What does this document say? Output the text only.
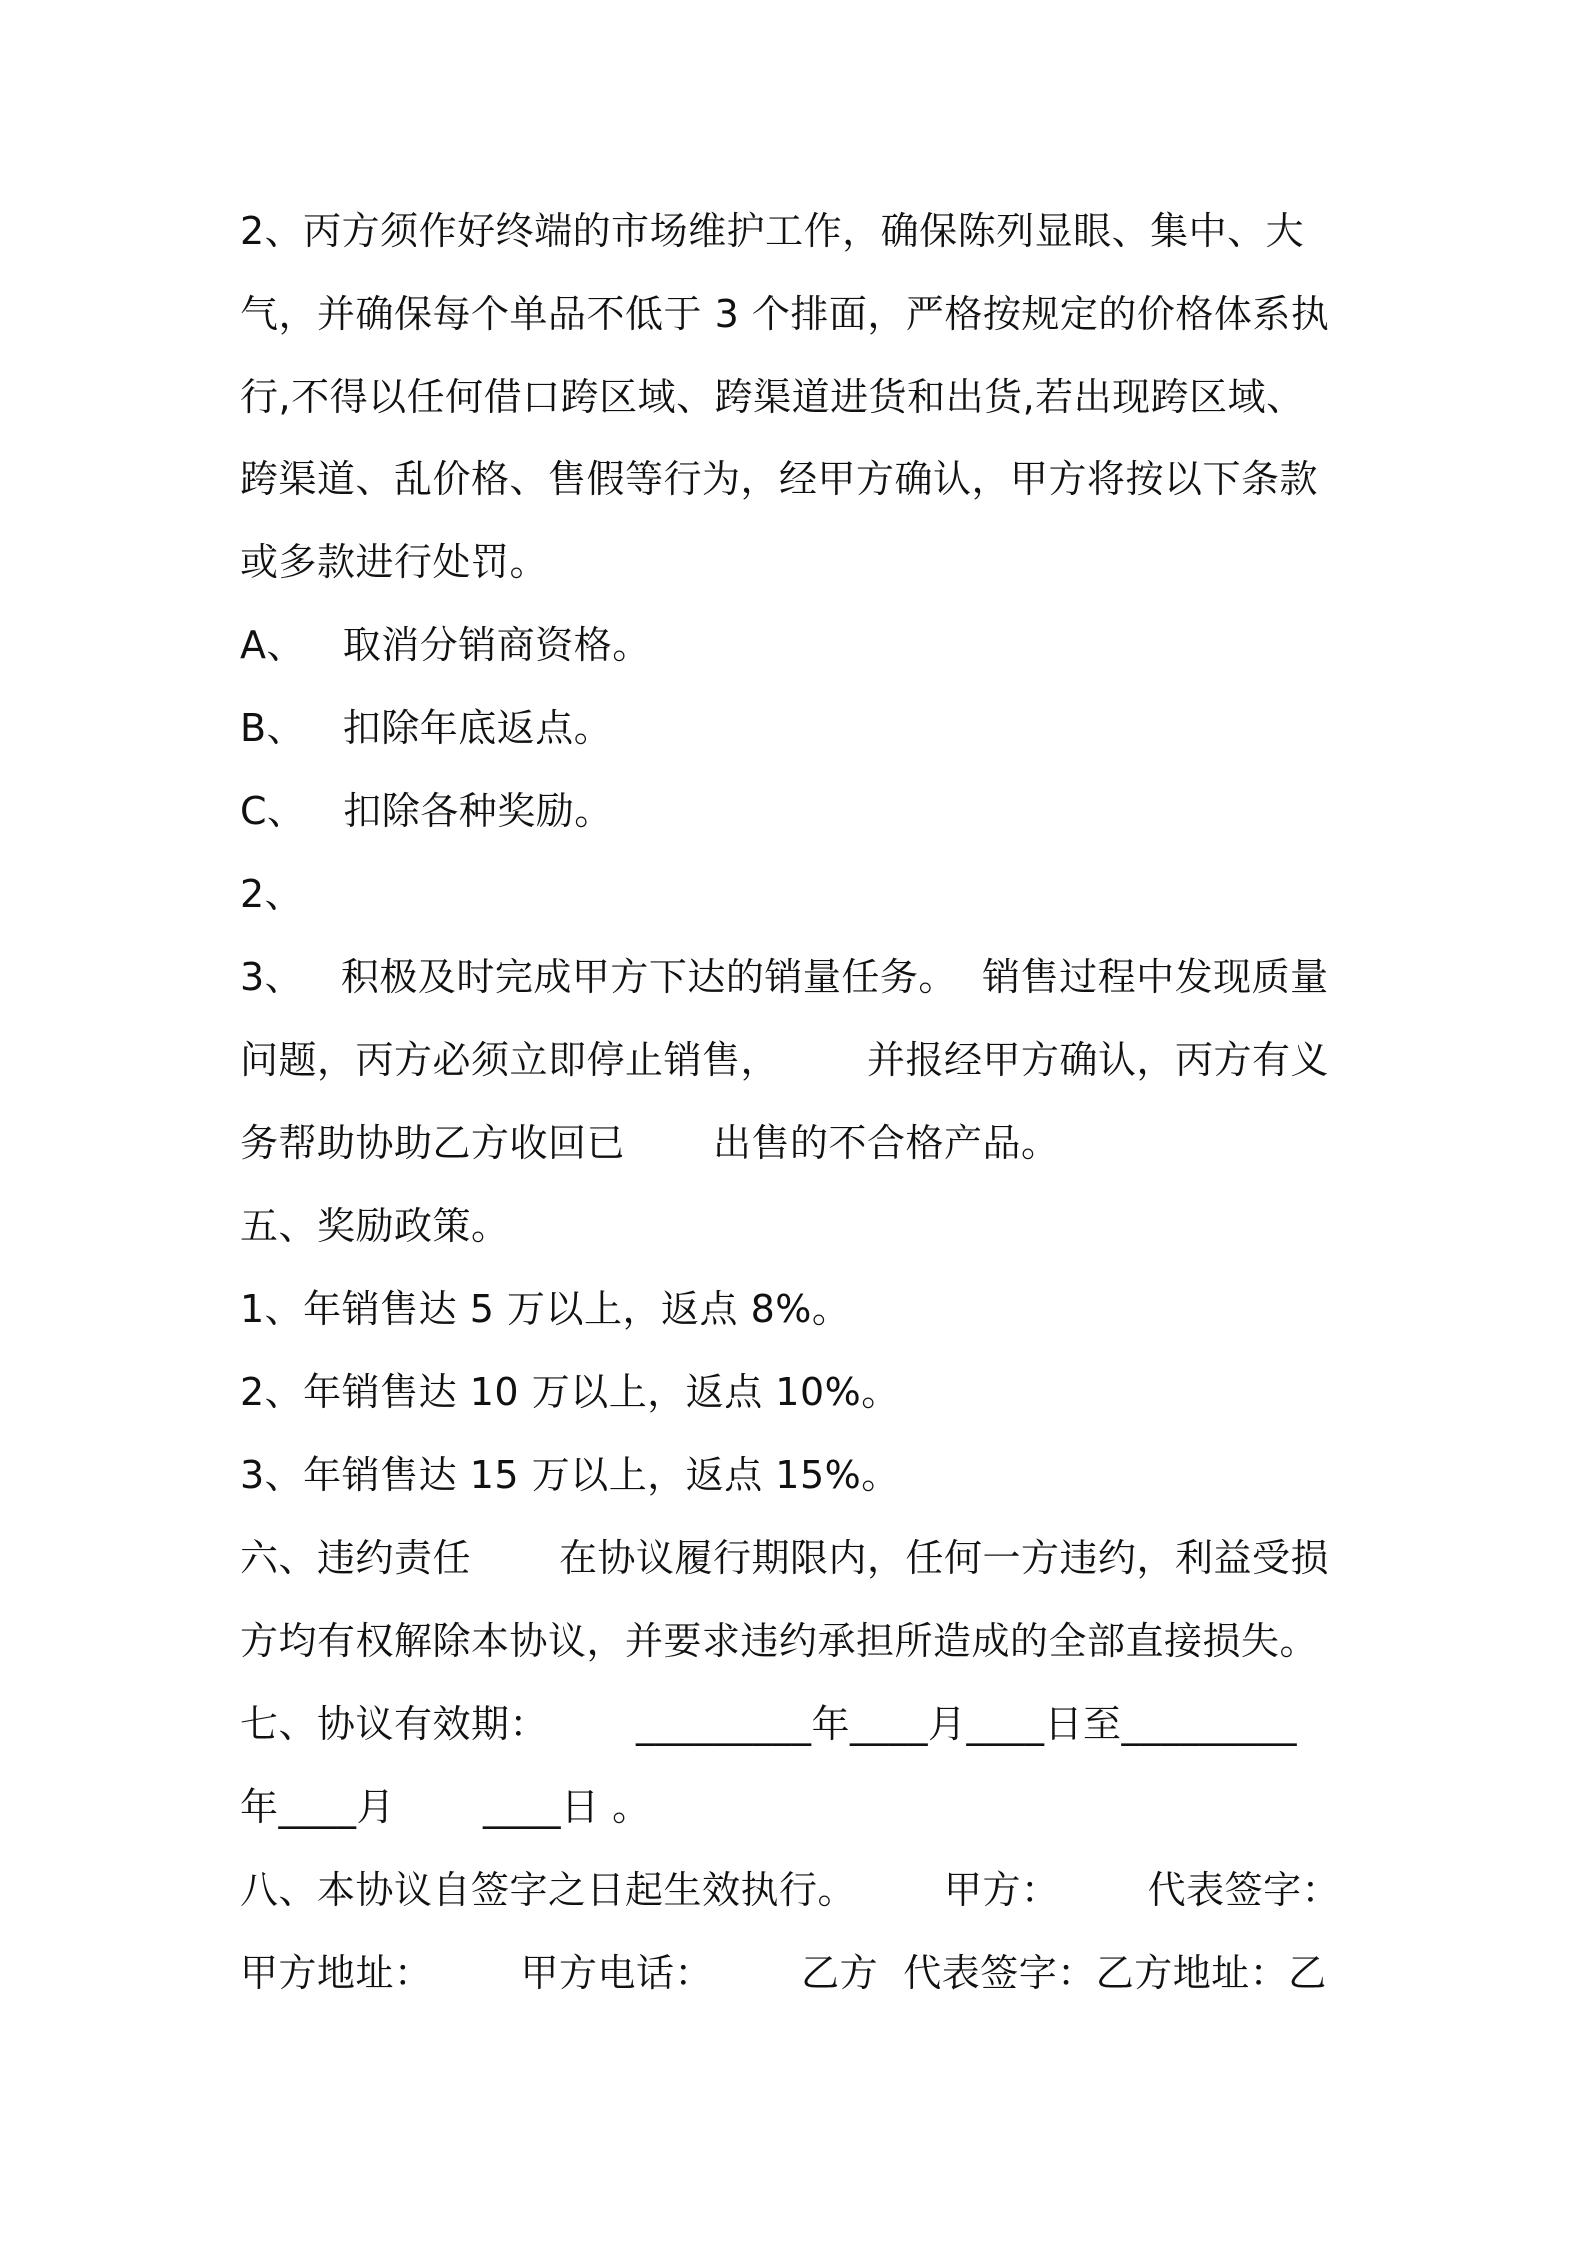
2、丙方须作好终端的市场维护工作，确保陈列显眼、集中、大
气，并确保每个单品不低于 3 个排面，严格按规定的价格体系执
行,不得以任何借口跨区域、跨渠道进货和出货,若出现跨区域、
跨渠道、乱价格、售假等行为，经甲方确认，甲方将按以下条款
或多款进行处罚。
A、   取消分销商资格。
B、   扣除年底返点。
C、   扣除各种奖励。
2、
3、   积极及时完成甲方下达的销量任务。  销售过程中发现质量
问题，丙方必须立即停止销售，       并报经甲方确认，丙方有义
务帮助协助乙方收回已       出售的不合格产品。
五、奖励政策。
1、年销售达 5 万以上，返点 8%。
2、年销售达 10 万以上，返点 10%。
3、年销售达 15 万以上，返点 15%。
六、违约责任       在协议履行期限内，任何一方违约，利益受损
方均有权解除本协议，并要求违约承担所造成的全部直接损失。
七、协议有效期：       _________年____月____日至_________
年____月       ____日 。
八、本协议自签字之日起生效执行。       甲方：       代表签字：
甲方地址：       甲方电话：       乙方  代表签字：乙方地址：乙
